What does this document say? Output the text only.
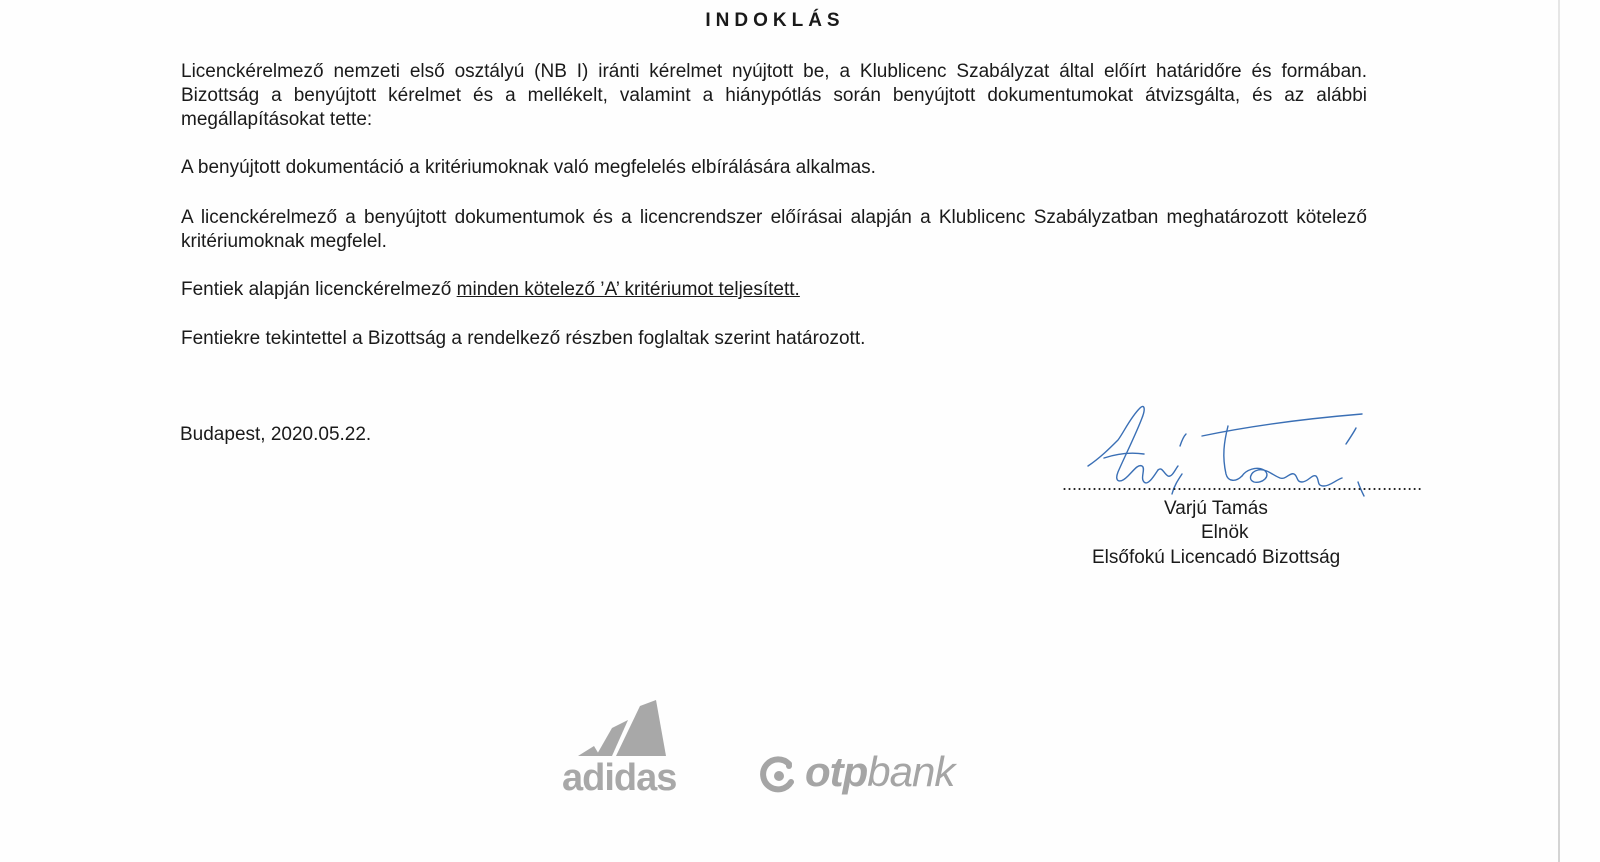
INDOKLÁS
Licenckérelmező nemzeti első osztályú (NB I) iránti kérelmet nyújtott be, a Klublicenc Szabályzat által előírt határidőre és formában. Bizottság a benyújtott kérelmet és a mellékelt, valamint a hiánypótlás során benyújtott dokumentumokat átvizsgálta, és az alábbi megállapításokat tette:
A benyújtott dokumentáció a kritériumoknak való megfelelés elbírálására alkalmas.
A licenckérelmező a benyújtott dokumentumok és a licencrendszer előírásai alapján a Klublicenc Szabályzatban meghatározott kötelező kritériumoknak megfelel.
Fentiek alapján licenckérelmező minden kötelező ’A’ kritériumot teljesített.
Fentiekre tekintettel a Bizottság a rendelkező részben foglaltak szerint határozott.
Budapest, 2020.05.22.
........................................................................
Varjú Tamás
Elnök
Elsőfokú Licencadó Bizottság
adidas	otpbank
